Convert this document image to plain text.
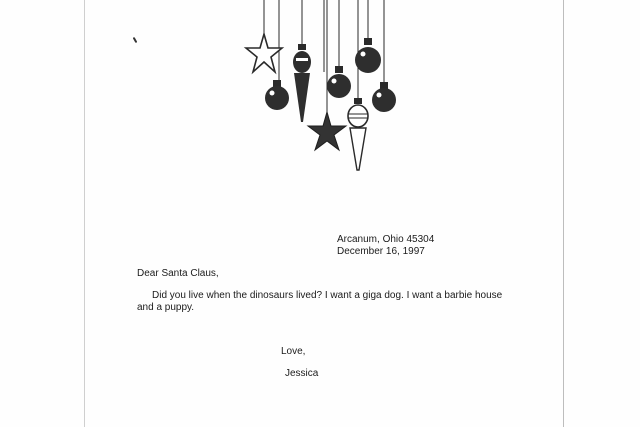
Arcanum, Ohio 45304
December 16, 1997
Dear Santa Claus,
Did you live when the dinosaurs lived? I want a giga dog. I want a barbie house
and a puppy.
Love,
Jessica
